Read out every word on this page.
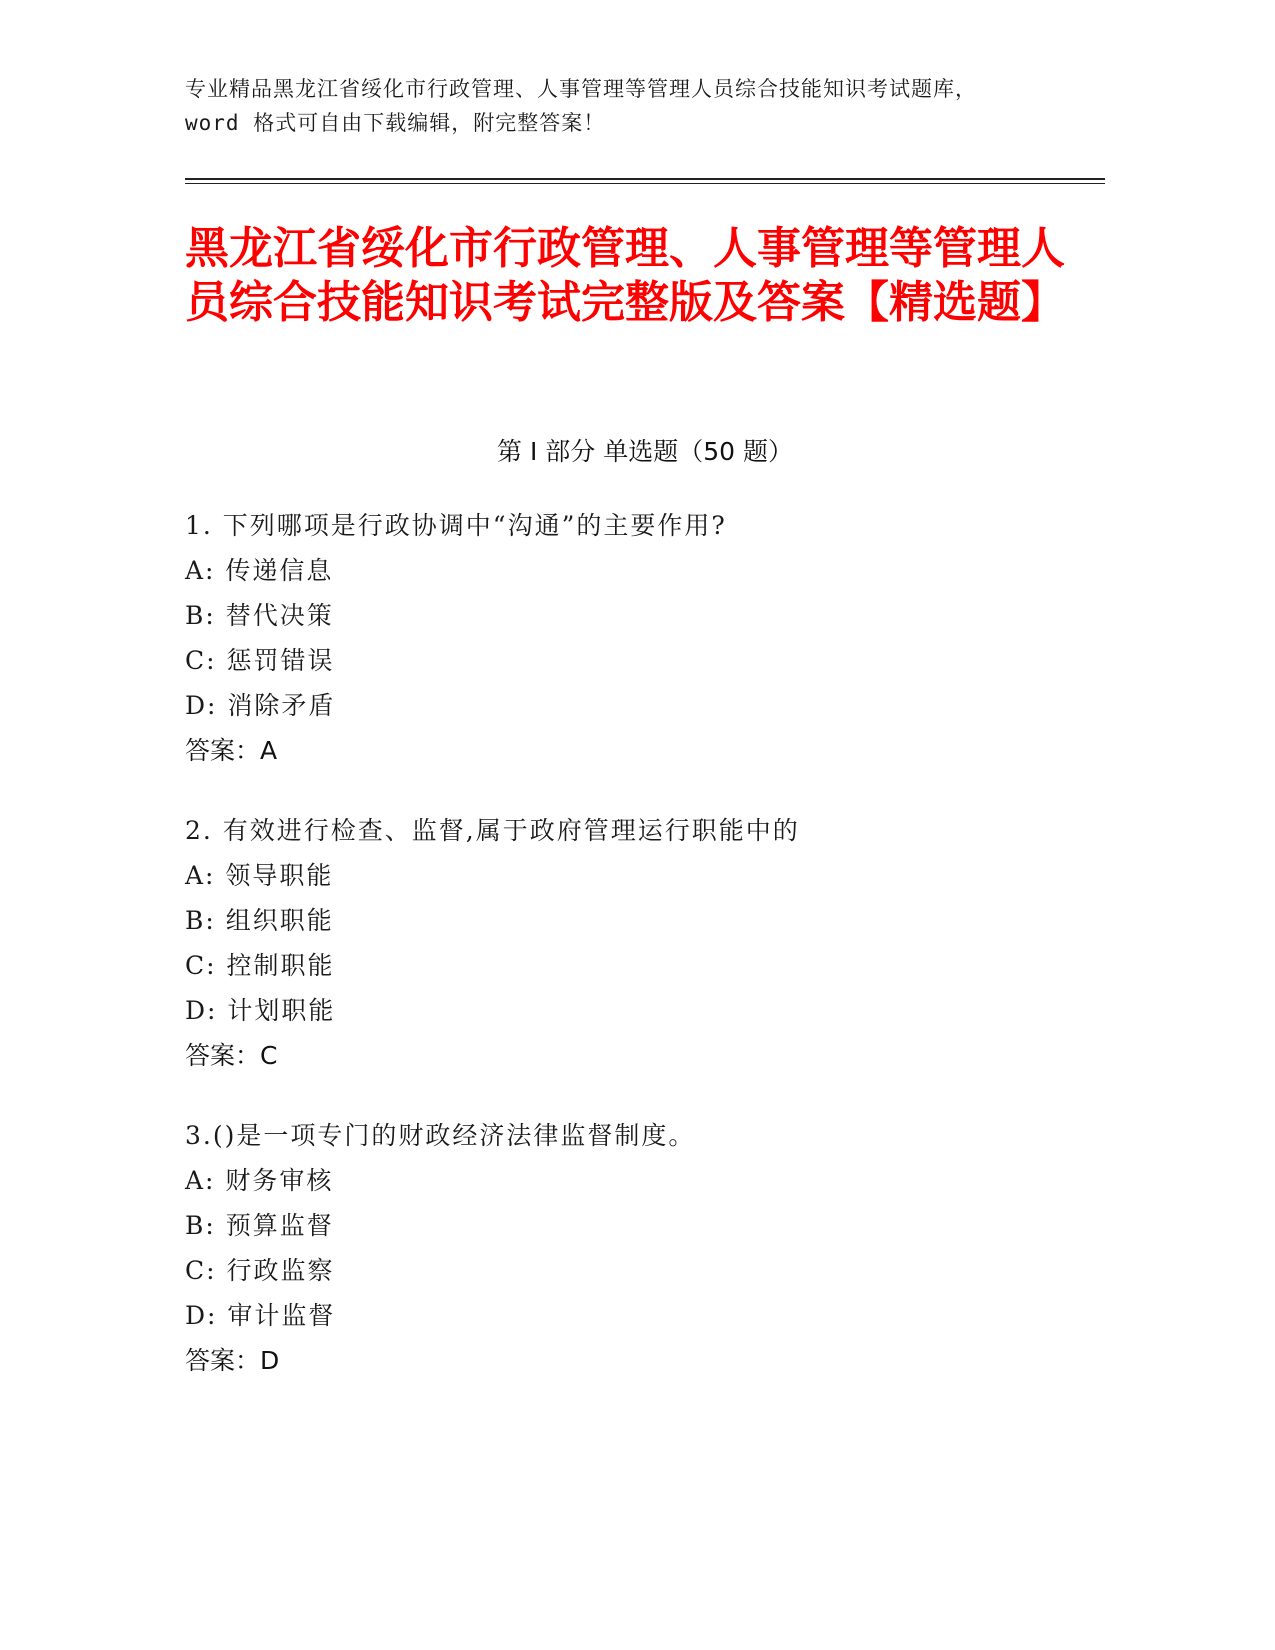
专业精品黑龙江省绥化市行政管理、人事管理等管理人员综合技能知识考试题库，
word 格式可自由下载编辑，附完整答案！
黑龙江省绥化市行政管理、人事管理等管理人员综合技能知识考试完整版及答案【精选题】
第 I 部分 单选题（50 题）
1. 下列哪项是行政协调中“沟通”的主要作用?
A: 传递信息
B: 替代决策
C: 惩罚错误
D: 消除矛盾
答案：A
2. 有效进行检查、监督,属于政府管理运行职能中的
A: 领导职能
B: 组织职能
C: 控制职能
D: 计划职能
答案：C
3.()是一项专门的财政经济法律监督制度。
A: 财务审核
B: 预算监督
C: 行政监察
D: 审计监督
答案：D
